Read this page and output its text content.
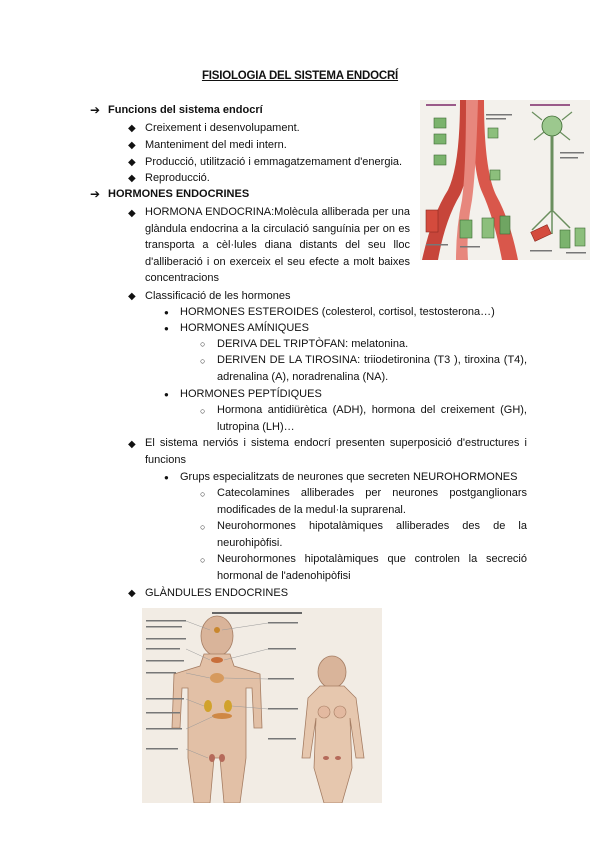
FISIOLOGIA DEL SISTEMA ENDOCRÍ
➔ Funcions del sistema endocrí
◆ Creixement i desenvolupament.
◆ Manteniment del medi intern.
◆ Producció, utilització i emmagatzemament d'energia.
◆ Reproducció.
➔ HORMONES ENDOCRINES
◆ HORMONA ENDOCRINA:Molècula alliberada per una glàndula endocrina a la circulació sanguínia per on es transporta a cèl·lules diana distants del seu lloc d'alliberació i on exerceix el seu efecte a molt baixes concentracions
◆ Classificació de les hormones
● HORMONES ESTEROIDES (colesterol, cortisol, testosterona…)
● HORMONES AMÍNIQUES
○ DERIVA DEL TRIPTÒFAN: melatonina.
○ DERIVEN DE LA TIROSINA: triiodetironina (T3 ), tiroxina (T4), adrenalina (A), noradrenalina (NA).
● HORMONES PEPTÍDIQUES
○ Hormona antidiürètica (ADH), hormona del creixement (GH), lutropina (LH)…
◆ El sistema nerviós i sistema endocrí presenten superposició d'estructures i funcions
● Grups especialitzats de neurones que secreten NEUROHORMONES
○ Catecolamines alliberades per neurones postganglionars modificades de la medul·la suprarenal.
○ Neurohormones hipotalàmiques alliberades des de la neurohipòfisi.
○ Neurohormones hipotalàmiques que controlen la secreció hormonal de l'adenohipòfisi
◆ GLÀNDULES ENDOCRINES
